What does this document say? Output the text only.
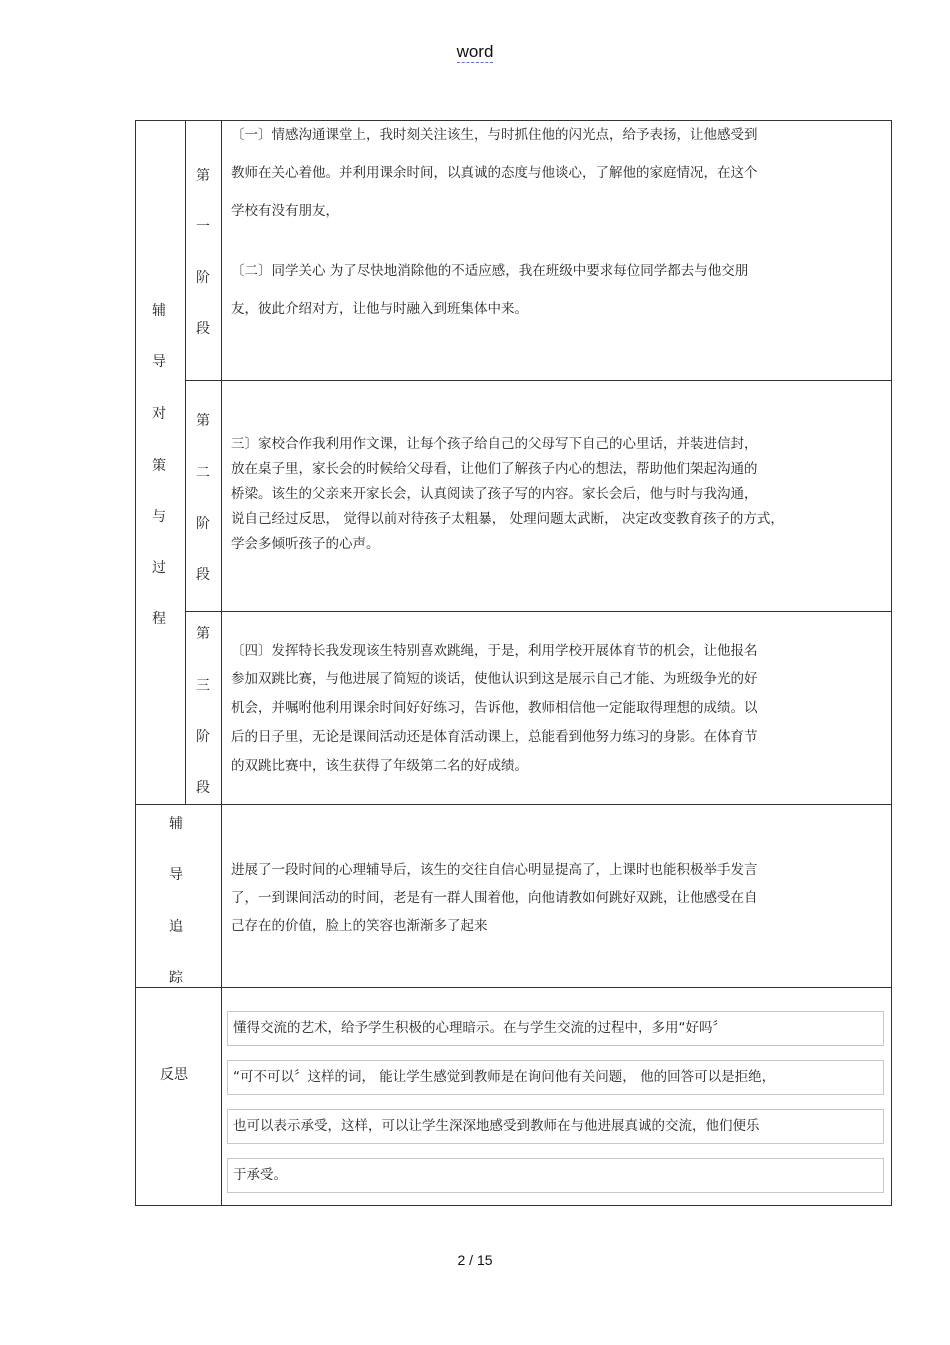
word
辅
导
对
策
与
过
程
第
一
阶
段
〔一〕情感沟通课堂上，我时刻关注该生，与时抓住他的闪光点，给予表扬，让他感受到
教师在关心着他。并利用课余时间，以真诚的态度与他谈心，了解他的家庭情况，在这个
学校有没有朋友，
〔二〕同学关心 为了尽快地消除他的不适应感，我在班级中要求每位同学都去与他交朋
友，彼此介绍对方，让他与时融入到班集体中来。
第
二
阶
段
三〕家校合作我利用作文课，让每个孩子给自己的父母写下自己的心里话，并装进信封，
放在桌子里，家长会的时候给父母看，让他们了解孩子内心的想法，帮助他们架起沟通的
桥梁。该生的父亲来开家长会，认真阅读了孩子写的内容。家长会后，他与时与我沟通，
说自己经过反思， 觉得以前对待孩子太粗暴， 处理问题太武断， 决定改变教育孩子的方式，
学会多倾听孩子的心声。
第
三
阶
段
〔四〕发挥特长我发现该生特别喜欢跳绳，于是，利用学校开展体育节的机会，让他报名
参加双跳比赛，与他进展了简短的谈话，使他认识到这是展示自己才能、为班级争光的好
机会，并嘱咐他利用课余时间好好练习，告诉他，教师相信他一定能取得理想的成绩。以
后的日子里，无论是课间活动还是体育活动课上，总能看到他努力练习的身影。在体育节
的双跳比赛中，该生获得了年级第二名的好成绩。
辅
导
追
踪
进展了一段时间的心理辅导后，该生的交往自信心明显提高了，上课时也能积极举手发言
了，一到课间活动的时间，老是有一群人围着他，向他请教如何跳好双跳，让他感受在自
己存在的价值，脸上的笑容也渐渐多了起来
反思
懂得交流的艺术，给予学生积极的心理暗示。在与学生交流的过程中，多用“好吗〞
“可不可以〞这样的词， 能让学生感觉到教师是在询问他有关问题， 他的回答可以是拒绝，
也可以表示承受，这样，可以让学生深深地感受到教师在与他进展真诚的交流，他们便乐
于承受。
2 / 15
